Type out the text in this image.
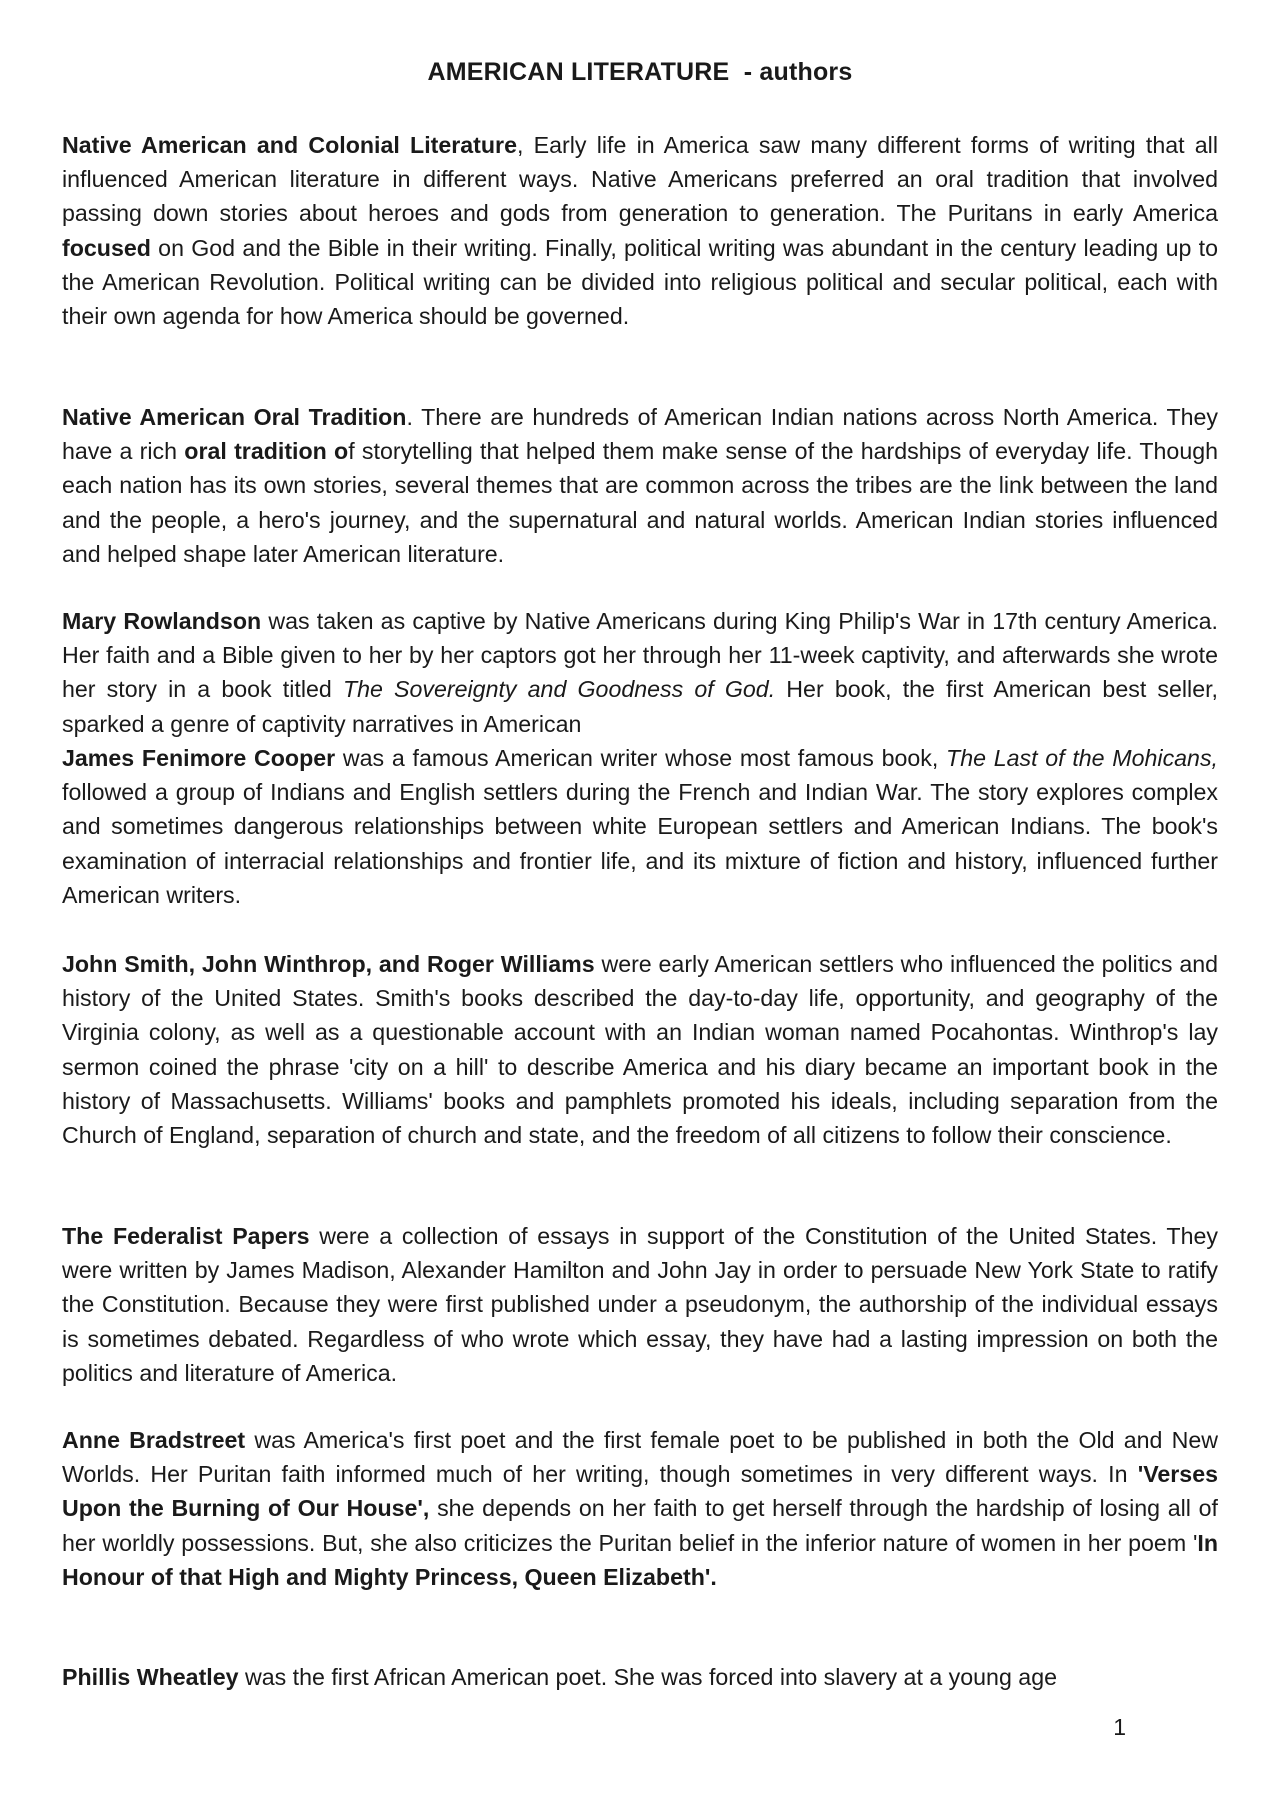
AMERICAN LITERATURE  - authors

Native American and Colonial Literature, Early life in America saw many different forms of writing that all influenced American literature in different ways. Native Americans preferred an oral tradition that involved passing down stories about heroes and gods from generation to generation. The Puritans in early America focused on God and the Bible in their writing. Finally, political writing was abundant in the century leading up to the American Revolution. Political writing can be divided into religious political and secular political, each with their own agenda for how America should be governed.

Native American Oral Tradition. There are hundreds of American Indian nations across North America. They have a rich oral tradition of storytelling that helped them make sense of the hardships of everyday life. Though each nation has its own stories, several themes that are common across the tribes are the link between the land and the people, a hero's journey, and the supernatural and natural worlds. American Indian stories influenced and helped shape later American literature.

Mary Rowlandson was taken as captive by Native Americans during King Philip's War in 17th century America. Her faith and a Bible given to her by her captors got her through her 11-week captivity, and afterwards she wrote her story in a book titled The Sovereignty and Goodness of God. Her book, the first American best seller, sparked a genre of captivity narratives in American

James Fenimore Cooper was a famous American writer whose most famous book, The Last of the Mohicans, followed a group of Indians and English settlers during the French and Indian War. The story explores complex and sometimes dangerous relationships between white European settlers and American Indians. The book's examination of interracial relationships and frontier life, and its mixture of fiction and history, influenced further American writers.

John Smith, John Winthrop, and Roger Williams were early American settlers who influenced the politics and history of the United States. Smith's books described the day-to-day life, opportunity, and geography of the Virginia colony, as well as a questionable account with an Indian woman named Pocahontas. Winthrop's lay sermon coined the phrase 'city on a hill' to describe America and his diary became an important book in the history of Massachusetts. Williams' books and pamphlets promoted his ideals, including separation from the Church of England, separation of church and state, and the freedom of all citizens to follow their conscience.

The Federalist Papers were a collection of essays in support of the Constitution of the United States. They were written by James Madison, Alexander Hamilton and John Jay in order to persuade New York State to ratify the Constitution. Because they were first published under a pseudonym, the authorship of the individual essays is sometimes debated. Regardless of who wrote which essay, they have had a lasting impression on both the politics and literature of America.

Anne Bradstreet was America's first poet and the first female poet to be published in both the Old and New Worlds. Her Puritan faith informed much of her writing, though sometimes in very different ways. In 'Verses Upon the Burning of Our House', she depends on her faith to get herself through the hardship of losing all of her worldly possessions. But, she also criticizes the Puritan belief in the inferior nature of women in her poem 'In Honour of that High and Mighty Princess, Queen Elizabeth'.

Phillis Wheatley was the first African American poet. She was forced into slavery at a young age

1
